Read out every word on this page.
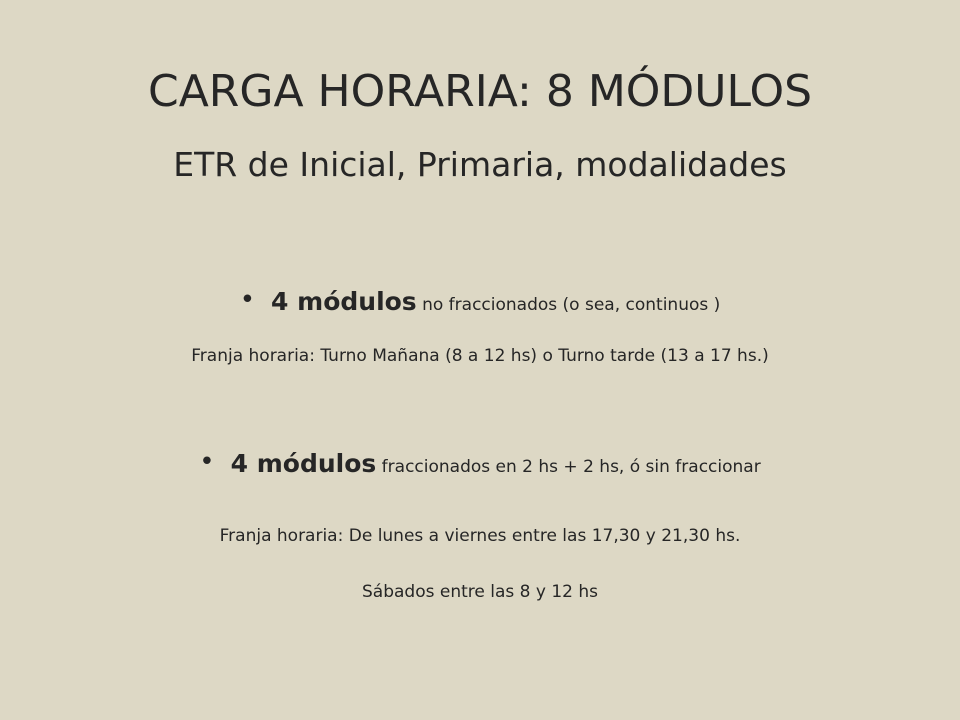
CARGA HORARIA: 8 MÓDULOS
ETR de Inicial, Primaria, modalidades
• 4 módulos no fraccionados (o sea, continuos )
Franja horaria: Turno Mañana (8 a 12 hs) o Turno tarde (13 a 17 hs.)
• 4 módulos fraccionados en 2 hs + 2 hs, ó sin fraccionar
Franja horaria: De lunes a viernes entre las 17,30 y 21,30 hs.
Sábados entre las 8 y 12 hs
